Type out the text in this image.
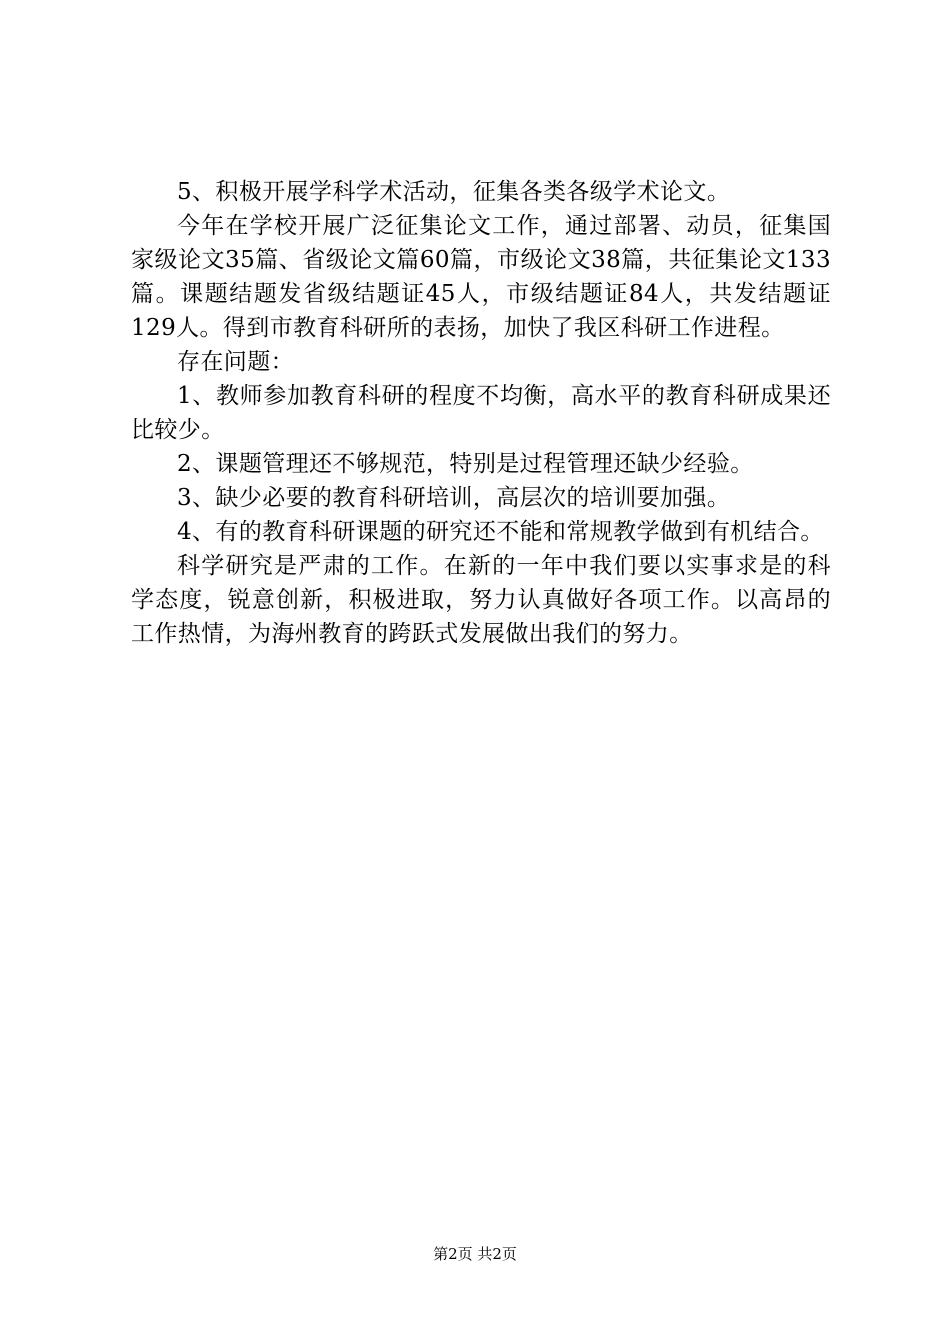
5、积极开展学科学术活动，征集各类各级学术论文。

今年在学校开展广泛征集论文工作，通过部署、动员，征集国家级论文35篇、省级论文篇60篇，市级论文38篇，共征集论文133篇。课题结题发省级结题证45人，市级结题证84人，共发结题证129人。得到市教育科研所的表扬，加快了我区科研工作进程。

存在问题：

1、教师参加教育科研的程度不均衡，高水平的教育科研成果还比较少。

2、课题管理还不够规范，特别是过程管理还缺少经验。

3、缺少必要的教育科研培训，高层次的培训要加强。

4、有的教育科研课题的研究还不能和常规教学做到有机结合。

科学研究是严肃的工作。在新的一年中我们要以实事求是的科学态度，锐意创新，积极进取，努力认真做好各项工作。以高昂的工作热情，为海州教育的跨跃式发展做出我们的努力。

第2页 共2页
